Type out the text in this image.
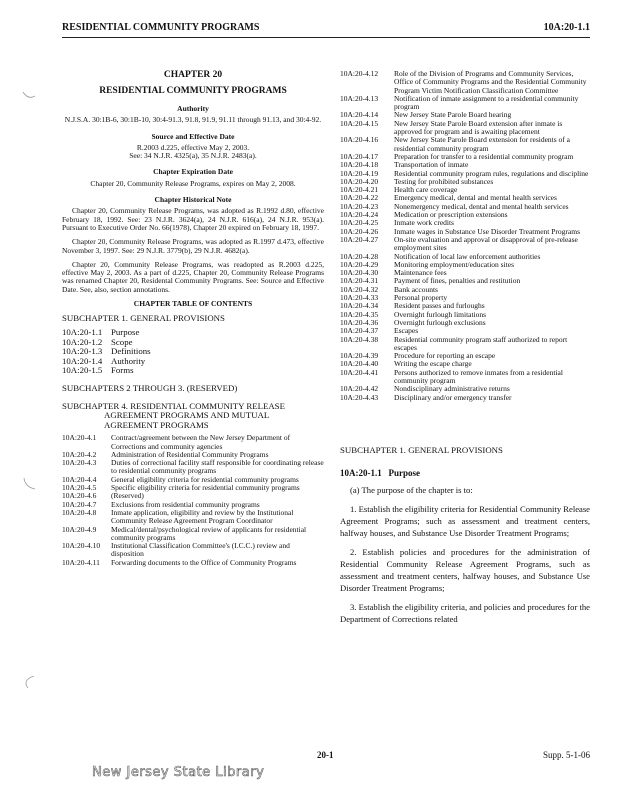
RESIDENTIAL COMMUNITY PROGRAMS	10A:20-1.1
CHAPTER 20
RESIDENTIAL COMMUNITY PROGRAMS
Authority
N.J.S.A. 30:1B-6, 30:1B-10, 30:4-91.3, 91.8, 91.9, 91.11 through 91.13, and 30:4-92.
Source and Effective Date
R.2003 d.225, effective May 2, 2003.
See: 34 N.J.R. 4325(a), 35 N.J.R. 2483(a).
Chapter Expiration Date
Chapter 20, Community Release Programs, expires on May 2, 2008.
Chapter Historical Note
Chapter 20, Community Release Programs, was adopted as R.1992 d.80, effective February 18, 1992. See: 23 N.J.R. 3624(a), 24 N.J.R. 616(a), 24 N.J.R. 953(a). Pursuant to Executive Order No. 66(1978), Chapter 20 expired on February 18, 1997.
Chapter 20, Community Release Programs, was adopted as R.1997 d.473, effective November 3, 1997. See: 29 N.J.R. 3779(b), 29 N.J.R. 4682(a).
Chapter 20, Community Release Programs, was readopted as R.2003 d.225, effective May 2, 2003. As a part of d.225, Chapter 20, Community Release Programs was renamed Chapter 20, Residental Community Programs. See: Source and Effective Date. See, also, section annotations.
CHAPTER TABLE OF CONTENTS
SUBCHAPTER 1. GENERAL PROVISIONS
10A:20-1.1 Purpose
10A:20-1.2 Scope
10A:20-1.3 Definitions
10A:20-1.4 Authority
10A:20-1.5 Forms
SUBCHAPTERS 2 THROUGH 3. (RESERVED)
SUBCHAPTER 4. RESIDENTIAL COMMUNITY RELEASE AGREEMENT PROGRAMS AND MUTUAL AGREEMENT PROGRAMS
10A:20-4.1	Contract/agreement between the New Jersey Department of Corrections and community agencies
10A:20-4.2	Administration of Residential Community Programs
10A:20-4.3	Duties of correctional facility staff responsible for coordinating release to residential community programs
10A:20-4.4	General eligibility criteria for residential community programs
10A:20-4.5	Specific eligibility criteria for residential community programs
10A:20-4.6	(Reserved)
10A:20-4.7	Exclusions from residential community programs
10A:20-4.8	Inmate application, eligibility and review by the Institutional Community Release Agreement Program Coordinator
10A:20-4.9	Medical/dental/psychological review of applicants for residential community programs
10A:20-4.10	Institutional Classification Committee's (I.C.C.) review and disposition
10A:20-4.11	Forwarding documents to the Office of Community Programs
10A:20-4.12	Role of the Division of Programs and Community Services, Office of Community Programs and the Residential Community Program Victim Notification Classification Committee
10A:20-4.13	Notification of inmate assignment to a residential community program
10A:20-4.14	New Jersey State Parole Board hearing
10A:20-4.15	New Jersey State Parole Board extension after inmate is approved for program and is awaiting placement
10A:20-4.16	New Jersey State Parole Board extension for residents of a residential community program
10A:20-4.17	Preparation for transfer to a residential community program
10A:20-4.18	Transportation of inmate
10A:20-4.19	Residential community program rules, regulations and discipline
10A:20-4.20	Testing for prohibited substances
10A:20-4.21	Health care coverage
10A:20-4.22	Emergency medical, dental and mental health services
10A:20-4.23	Nonemergency medical, dental and mental health services
10A:20-4.24	Medication or prescription extensions
10A:20-4.25	Inmate work credits
10A:20-4.26	Inmate wages in Substance Use Disorder Treatment Programs
10A:20-4.27	On-site evaluation and approval or disapproval of pre-release employment sites
10A:20-4.28	Notification of local law enforcement authorities
10A:20-4.29	Monitoring employment/education sites
10A:20-4.30	Maintenance fees
10A:20-4.31	Payment of fines, penalties and restitution
10A:20-4.32	Bank accounts
10A:20-4.33	Personal property
10A:20-4.34	Resident passes and furloughs
10A:20-4.35	Overnight furlough limitations
10A:20-4.36	Overnight furlough exclusions
10A:20-4.37	Escapes
10A:20-4.38	Residential community program staff authorized to report escapes
10A:20-4.39	Procedure for reporting an escape
10A:20-4.40	Writing the escape charge
10A:20-4.41	Persons authorized to remove inmates from a residential community program
10A:20-4.42	Nondisciplinary administrative returns
10A:20-4.43	Disciplinary and/or emergency transfer
SUBCHAPTER 1. GENERAL PROVISIONS
10A:20-1.1 Purpose

(a) The purpose of the chapter is to:

1. Establish the eligibility criteria for Residential Community Release Agreement Programs; such as assessment and treatment centers, halfway houses, and Substance Use Disorder Treatment Programs;

2. Establish policies and procedures for the administration of Residential Community Release Agreement Programs, such as assessment and treatment centers, halfway houses, and Substance Use Disorder Treatment Programs;

3. Establish the eligibility criteria, and policies and procedures for the Department of Corrections related

20-1	Supp. 5-1-06
New Jersey State Library
